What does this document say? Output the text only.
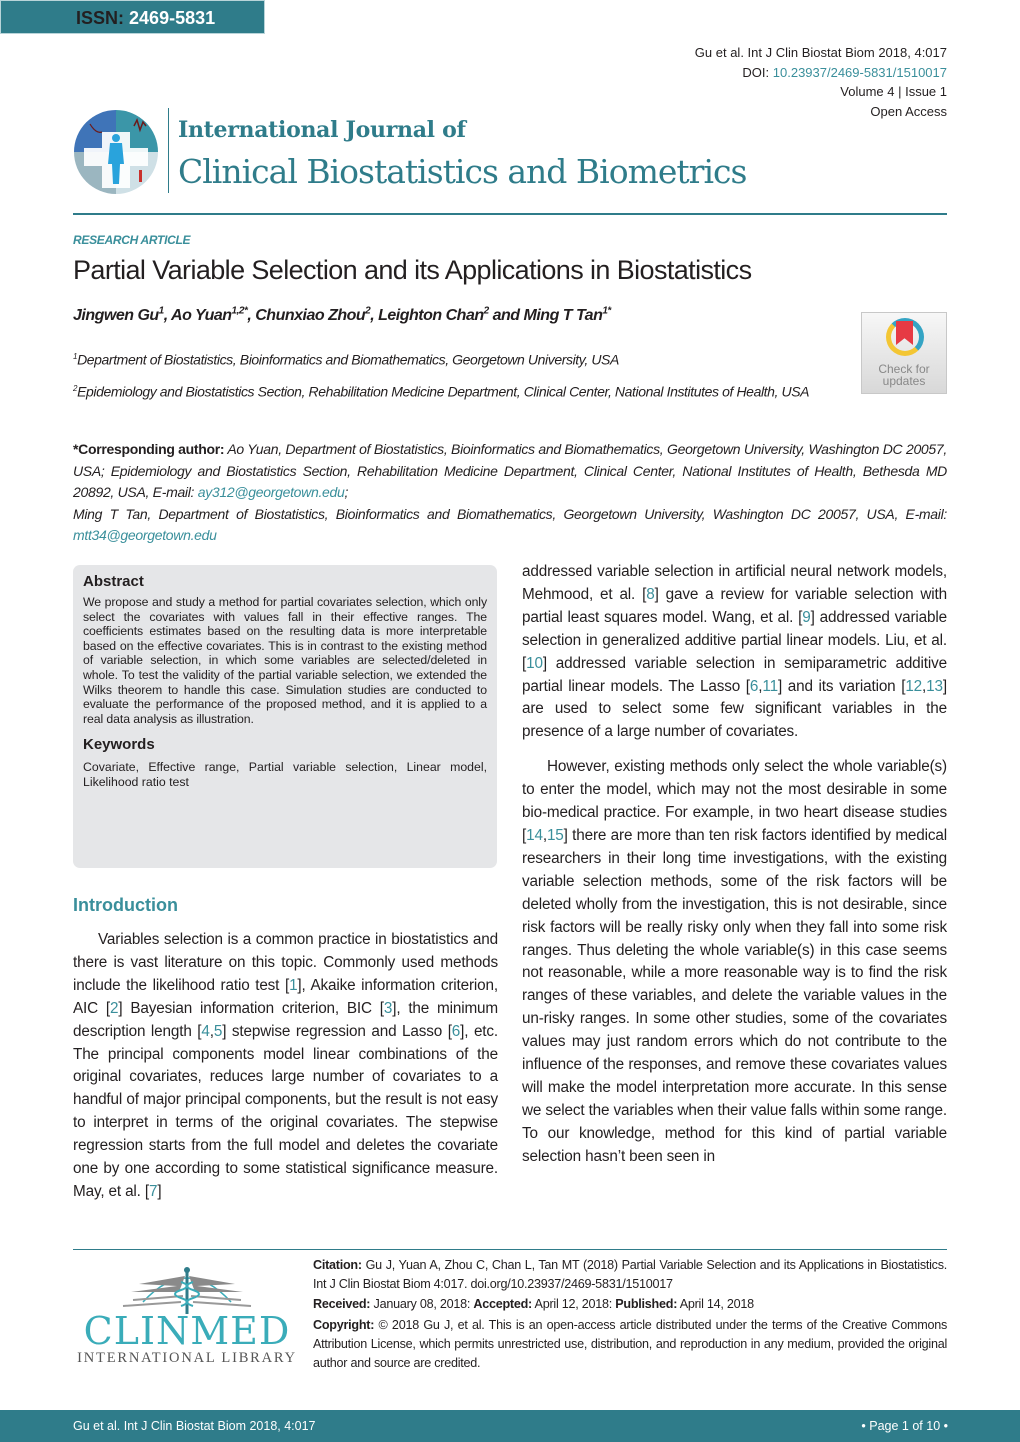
ISSN: 2469-5831
Gu et al. Int J Clin Biostat Biom 2018, 4:017
DOI: 10.23937/2469-5831/1510017
Volume 4 | Issue 1
Open Access
International Journal of
Clinical Biostatistics and Biometrics
RESEARCH ARTICLE
Partial Variable Selection and its Applications in Biostatistics
Jingwen Gu$^1$, Ao Yuan$^{1,2*}$, Chunxiao Zhou$^2$, Leighton Chan$^2$ and Ming T Tan$^{1*}$
Check for
updates
$^1$Department of Biostatistics, Bioinformatics and Biomathematics, Georgetown University, USA
$^2$Epidemiology and Biostatistics Section, Rehabilitation Medicine Department, Clinical Center, National Institutes of Health, USA
*Corresponding author: Ao Yuan, Department of Biostatistics, Bioinformatics and Biomathematics, Georgetown University, Washington DC 20057, USA; Epidemiology and Biostatistics Section, Rehabilitation Medicine Department, Clinical Center, National Institutes of Health, Bethesda MD 20892, USA, E-mail: ay312@georgetown.edu;
Ming T Tan, Department of Biostatistics, Bioinformatics and Biomathematics, Georgetown University, Washington DC 20057, USA, E-mail: mtt34@georgetown.edu
Abstract
We propose and study a method for partial covariates selection, which only select the covariates with values fall in their effective ranges. The coefficients estimates based on the resulting data is more interpretable based on the effective covariates. This is in contrast to the existing method of variable selection, in which some variables are selected/deleted in whole. To test the validity of the partial variable selection, we extended the Wilks theorem to handle this case. Simulation studies are conducted to evaluate the performance of the proposed method, and it is applied to a real data analysis as illustration.
Keywords
Covariate, Effective range, Partial variable selection, Linear model, Likelihood ratio test
Introduction
Variables selection is a common practice in biostatistics and there is vast literature on this topic. Commonly used methods include the likelihood ratio test [1], Akaike information criterion, AIC [2] Bayesian information criterion, BIC [3], the minimum description length [4,5] stepwise regression and Lasso [6], etc. The principal components model linear combinations of the original covariates, reduces large number of covariates to a handful of major principal components, but the result is not easy to interpret in terms of the original covariates. The stepwise regression starts from the full model and deletes the covariate one by one according to some statistical significance measure. May, et al. [7]
addressed variable selection in artificial neural network models, Mehmood, et al. [8] gave a review for variable selection with partial least squares model. Wang, et al. [9] addressed variable selection in generalized additive partial linear models. Liu, et al. [10] addressed variable selection in semiparametric additive partial linear models. The Lasso [6,11] and its variation [12,13] are used to select some few significant variables in the presence of a large number of covariates.
However, existing methods only select the whole variable(s) to enter the model, which may not the most desirable in some bio-medical practice. For example, in two heart disease studies [14,15] there are more than ten risk factors identified by medical researchers in their long time investigations, with the existing variable selection methods, some of the risk factors will be deleted wholly from the investigation, this is not desirable, since risk factors will be really risky only when they fall into some risk ranges. Thus deleting the whole variable(s) in this case seems not reasonable, while a more reasonable way is to find the risk ranges of these variables, and delete the variable values in the un-risky ranges. In some other studies, some of the covariates values may just random errors which do not contribute to the influence of the responses, and remove these covariates values will make the model interpretation more accurate. In this sense we select the variables when their value falls within some range. To our knowledge, method for this kind of partial variable selection hasn’t been seen in
CLINMED
INTERNATIONAL LIBRARY
Citation: Gu J, Yuan A, Zhou C, Chan L, Tan MT (2018) Partial Variable Selection and its Applications in Biostatistics. Int J Clin Biostat Biom 4:017. doi.org/10.23937/2469-5831/1510017
Received: January 08, 2018: Accepted: April 12, 2018: Published: April 14, 2018
Copyright: © 2018 Gu J, et al. This is an open-access article distributed under the terms of the Creative Commons Attribution License, which permits unrestricted use, distribution, and reproduction in any medium, provided the original author and source are credited.
Gu et al. Int J Clin Biostat Biom 2018, 4:017	• Page 1 of 10 •
